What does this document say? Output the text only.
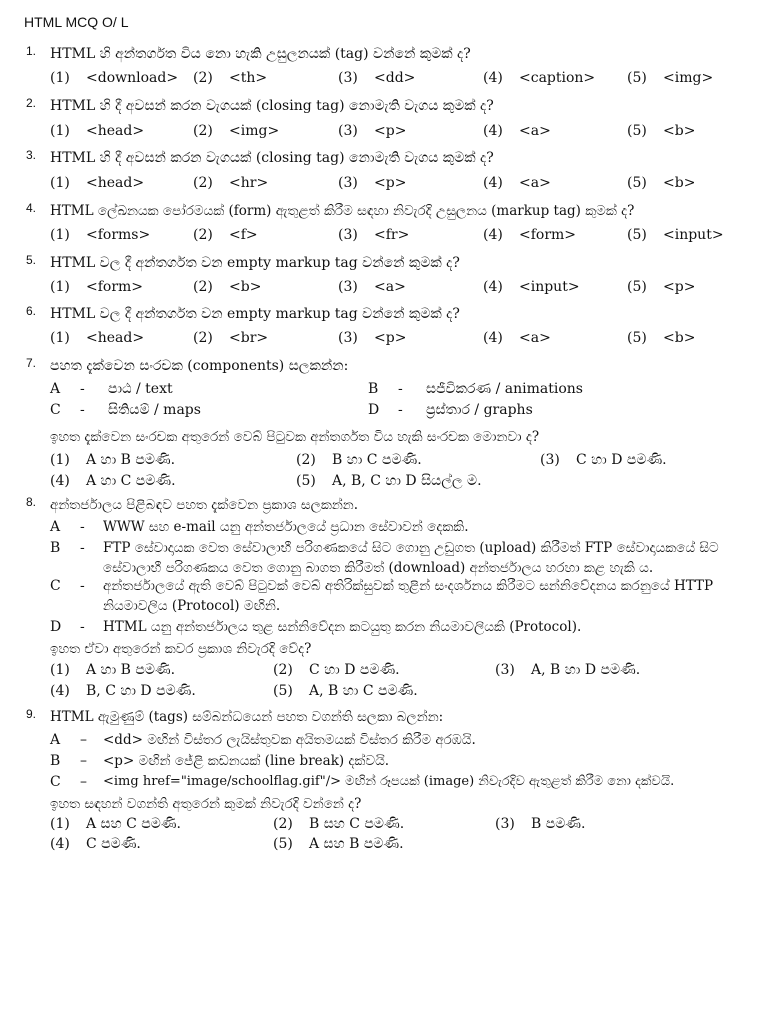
HTML MCQ O/ L
1. HTML හි අන්තර්ගත විය නො හැකි උසුලනයක් (tag) වන්නේ කුමක් ද?
(1) <download> (2) <th>	(3) <dd>	(4) <caption> (5) <img>
2. HTML හි දී අවසන් කරන වැගයක් (closing tag) නොමැති වැගය කුමක් ද?
(1) <head>	(2) <img>	(3) <p>	(4) <a>	(5) <b>
3. HTML හි දී අවසන් කරන වැගයක් (closing tag) නොමැති වැගය කුමක් ද?
(1) <head>	(2) <hr>	(3) <p>	(4) <a>	(5) <b>
4. HTML ලේඛනයක පෝරමයක් (form) ඇතුළත් කිරීම සඳහා නිවැරදි උසුලනය (markup tag) කුමක් ද?
(1) <forms>	(2) <f>	(3) <fr>	(4) <form>	(5) <input>
5. HTML වල දී අන්තර්ගත වන empty markup tag වන්නේ කුමක් ද?
(1) <form>	(2) <b>	(3) <a>	(4) <input>	(5) <p>
6. HTML වල දී අන්තර්ගත වන empty markup tag වන්නේ කුමක් ද?
(1) <head>	(2) <br>	(3) <p>	(4) <a>	(5) <b>
7. පහත දැක්වෙන සංරචක (components) සලකන්න:
A - පාඨ / text	B - සජීවිකරණ / animations
C - සිතියම් / maps	D - ප්‍රස්තාර / graphs
ඉහත දැක්වෙන සංරචක අතුරෙන් වෙබ් පිටුවක අන්තර්ගත විය හැකි සංරචක මොනවා ද?
(1) A හා B පමණි.	(2) B හා C පමණි.	(3) C හා D පමණි.
(4) A හා C පමණි.	(5) A, B, C හා D සියල්ල ම.
8. අන්තර්ජාලය පිළිබඳව පහත දැක්වෙන ප්‍රකාශ සලකන්න.
A - WWW සහ e-mail යනු අන්තර්ජාලයේ ප්‍රධාන සේවාවන් දෙකකි.
B - FTP සේවාදායක වෙත සේවාලාභී පරිගණකයේ සිට ගොනු උඩුගත (upload) කිරීමත් FTP සේවාදායකයේ සිට සේවාලාභී පරිගණකය වෙත ගොනු බාගත කිරීමත් (download) අන්තර්ජාලය හරහා කළ හැකි ය.
C - අන්තර්ජාලයේ ඇති වෙබ් පිටුවක් වෙබ් අතිරික්සුවක් තුළින් සංදර්ශනය කිරීමට සන්නිවේදනය කරනුයේ HTTP නියමාවලිය (Protocol) මඟිනි.
D - HTML යනු අන්තර්ජාලය තුළ සන්නිවේදන කටයුතු කරන නියමාවලියකි (Protocol).
ඉහත ඒවා අතුරෙන් කවර ප්‍රකාශ නිවැරදි වේද?
(1) A හා B පමණි.	(2) C හා D පමණි.	(3) A, B හා D පමණි.
(4) B, C හා D පමණි.	(5) A, B හා C පමණි.
9. HTML ඇමුණුම් (tags) සම්බන්ධයෙන් පහත වගන්ති සලකා බලන්න:
A – <dd> මඟින් විස්තර ලැයිස්තුවක අයිතමයක් විස්තර කිරීම අරඹයි.
B – <p> මඟින් ජේළි කඩනයක් (line break) දක්වයි.
C – <img href="image/schoolflag.gif"/> මඟින් රූපයක් (image) නිවැරදිව ඇතුළත් කිරීම නො දක්වයි.
ඉහත සඳහන් වගන්ති අතුරෙන් කුමක් නිවැරදි වන්නේ ද?
(1) A සහ C පමණි.	(2) B සහ C පමණි.	(3) B පමණි.
(4) C පමණි.	(5) A සහ B පමණි.
